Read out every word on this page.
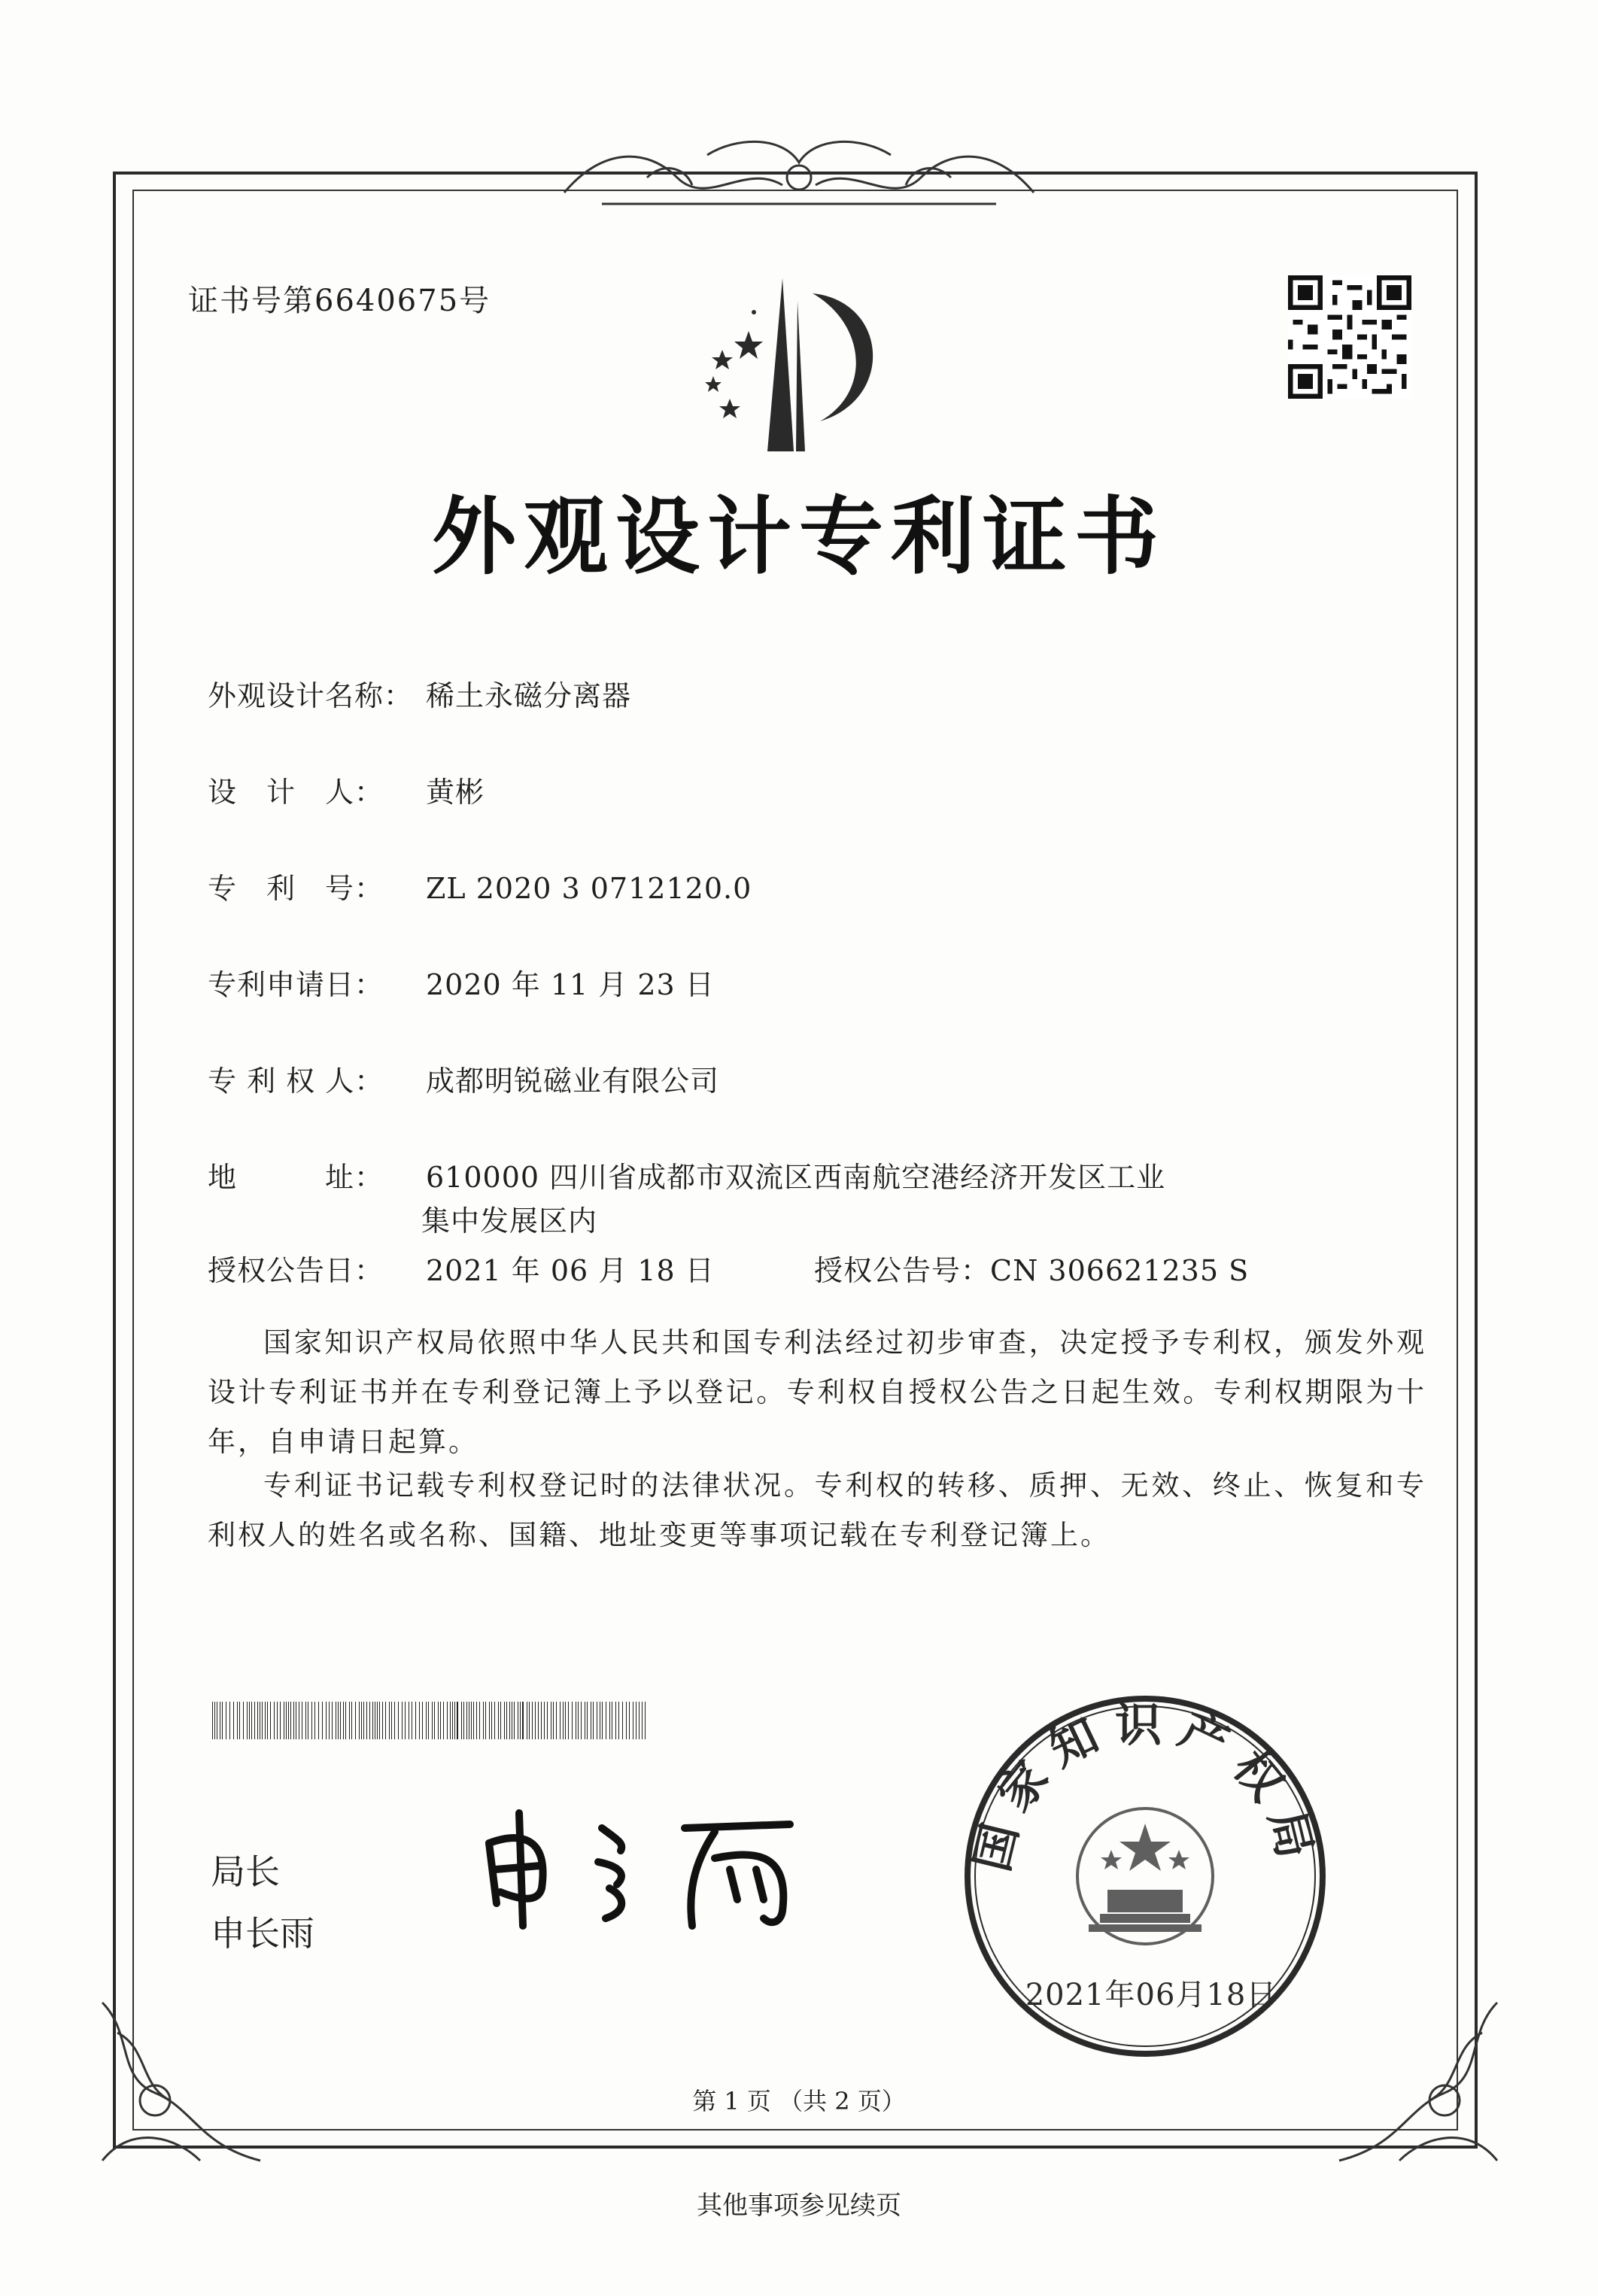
证书号第6640675号
外观设计专利证书
外观设计名称： 稀土永磁分离器
设　计　人： 黄彬
专　利　号： ZL 2020 3 0712120.0
专利申请日： 2020 年 11 月 23 日
专 利 权 人： 成都明锐磁业有限公司
地　　　址： 610000 四川省成都市双流区西南航空港经济开发区工业
集中发展区内
授权公告日： 2021 年 06 月 18 日	授权公告号：CN 306621235 S
国家知识产权局依照中华人民共和国专利法经过初步审查，决定授予专利权，颁发外观设计专利证书并在专利登记簿上予以登记。专利权自授权公告之日起生效。专利权期限为十年，自申请日起算。
专利证书记载专利权登记时的法律状况。专利权的转移、质押、无效、终止、恢复和专利权人的姓名或名称、国籍、地址变更等事项记载在专利登记簿上。
局长
申长雨
国家知识产权局
2021年06月18日
第 1 页 （共 2 页）
其他事项参见续页
